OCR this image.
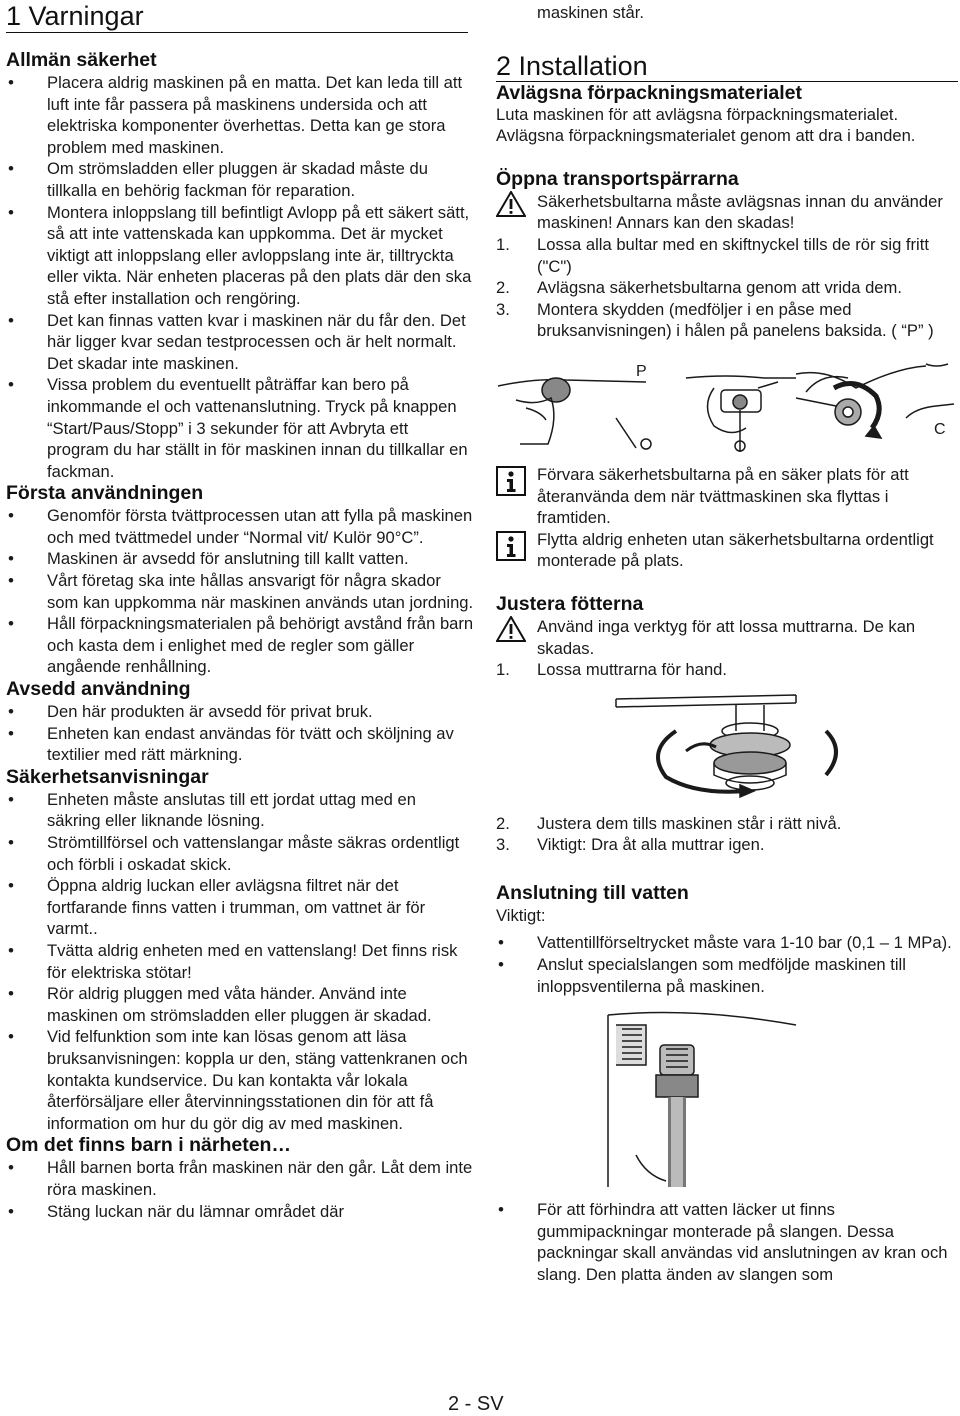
1 Varningar
Allmän säkerhet
• Placera aldrig maskinen på en matta. Det kan leda till att luft inte får passera på maskinens undersida och att elektriska komponenter överhettas. Detta kan ge stora problem med maskinen.
• Om strömsladden eller pluggen är skadad måste du tillkalla en behörig fackman för reparation.
• Montera inloppslang till befintligt Avlopp på ett säkert sätt, så att inte vattenskada kan uppkomma. Det är mycket viktigt att inloppslang eller avloppslang inte är, tilltryckta eller vikta. När enheten placeras på den plats där den ska stå efter installation och rengöring.
• Det kan finnas vatten kvar i maskinen när du får den. Det här ligger kvar sedan testprocessen och är helt normalt. Det skadar inte maskinen.
• Vissa problem du eventuellt påträffar kan bero på inkommande el och vattenanslutning. Tryck på knappen “Start/Paus/Stopp” i 3 sekunder för att Avbryta ett program du har ställt in för maskinen innan du tillkallar en fackman.
Första användningen
• Genomför första tvättprocessen utan att fylla på maskinen och med tvättmedel under “Normal vit/ Kulör 90°C”.
• Maskinen är avsedd för anslutning till kallt vatten.
• Vårt företag ska inte hållas ansvarigt för några skador som kan uppkomma när maskinen används utan jordning.
• Håll förpackningsmaterialen på behörigt avstånd från barn och kasta dem i enlighet med de regler som gäller angående renhållning.
Avsedd användning
• Den här produkten är avsedd för privat bruk.
• Enheten kan endast användas för tvätt och sköljning av textilier med rätt märkning.
Säkerhetsanvisningar
• Enheten måste anslutas till ett jordat uttag med en säkring eller liknande lösning.
• Strömtillförsel och vattenslangar måste säkras ordentligt och förbli i oskadat skick.
• Öppna aldrig luckan eller avlägsna filtret när det fortfarande finns vatten i trumman, om vattnet är för varmt..
• Tvätta aldrig enheten med en vattenslang! Det finns risk för elektriska stötar!
• Rör aldrig pluggen med våta händer. Använd inte maskinen om strömsladden eller pluggen är skadad.
• Vid felfunktion som inte kan lösas genom att läsa bruksanvisningen: koppla ur den, stäng vattenkranen och kontakta kundservice. Du kan kontakta vår lokala återförsäljare eller återvinningsstationen din för att få information om hur du gör dig av med maskinen.
Om det finns barn i närheten…
• Håll barnen borta från maskinen när den går. Låt dem inte röra maskinen.
• Stäng luckan när du lämnar området där

maskinen står.

2 Installation
Avlägsna förpackningsmaterialet

Luta maskinen för att avlägsna förpackningsmaterialet.

Avlägsna förpackningsmaterialet genom att dra i banden.

Öppna transportspärrarna
Säkerhetsbultarna måste avlägsnas innan du använder maskinen! Annars kan den skadas!
1. Lossa alla bultar med en skiftnyckel tills de rör sig fritt ("C")
2. Avlägsna säkerhetsbultarna genom att vrida dem.
3. Montera skydden (medföljer i en påse med bruksanvisningen) i hålen på panelens baksida. ( “P” )
P
C
Förvara säkerhetsbultarna på en säker plats för att återanvända dem när tvättmaskinen ska flyttas i framtiden.
Flytta aldrig enheten utan säkerhetsbultarna ordentligt monterade på plats.
Justera fötterna
Använd inga verktyg för att lossa muttrarna. De kan skadas.
1. Lossa muttrarna för hand.
2. Justera dem tills maskinen står i rätt nivå.
3. Viktigt: Dra åt alla muttrar igen.
Anslutning till vatten

Viktigt:

• Vattentillförseltrycket måste vara 1-10 bar (0,1 – 1 MPa).
• Anslut specialslangen som medföljde maskinen till inloppsventilerna på maskinen.
• För att förhindra att vatten läcker ut finns gummipackningar monterade på slangen. Dessa packningar skall användas vid anslutningen av kran och slang. Den platta änden av slangen som
2 - SV
